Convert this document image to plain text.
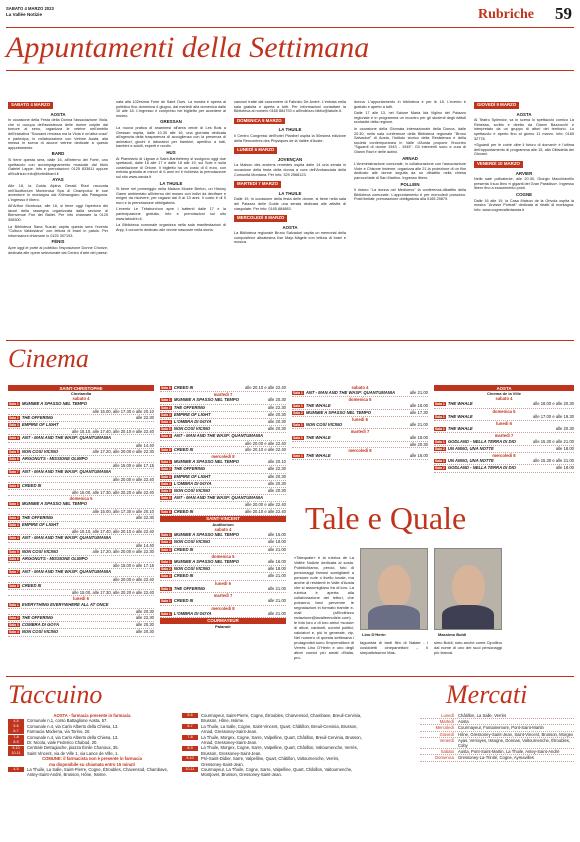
SABATO 4 MARZO 2023
La Vallée Notizie	Rubriche 59
Appuntamenti della Settimana
SABATO 4 MARZO
AOSTA

In occasione della Festa della Donna l'associazione Viola, che si occupa dell'assistenza delle donne colpite dal tumore al seno, organizza le vetrine nell'ambito dell'iniziativa "Scusami rimossa ma la Viola è un'altra cosa" e partecipa, in collaborazione con Vetrine Aosta, alla messa in scena di alcune vetrine dedicate a questo appuntamento.

BARD

Si tiene questa sera, dalle 16, all'interno del Forte, uno spettacolo con accompagnamento musicale dal titolo Gabriel Lappe. Info e prenotazioni: 0125 833811 oppure all'indirizzo info@fortedibard.it

AYAS

Alle 18, la Guida Alpina Gerald Rizzi racconta nell'Auditorium Monterosa Spa di Champoluc le sue avventure in montagna dal Kilimangiaro alla Patagonia. L'ingresso è libero.

All'Arthur Montrosa, alle 16, si tiene oggi l'apertura dei lavori della rassegna organizzata dalla sezione di Bienvenue Fior del Ballet. Per info chiamare la 0125 308300.

La Biblioteca Sana Suzuki ospita questa sera l'evento "Cultura Valdostana" con lettura di brani in patois. Per informazioni chiamare lo 0125 307193.

FÉNIS

Apre oggi le porte al pubblico l'esposizione Donne Chonze, dedicata alle opere selezionate dal Centro d'arte del paese.

nata alla 102esima Foire de Saint Ours. La mostra è aperta al pubblico fino domenica 4 giugno, dal martedì alla domenica dalle 10 alle 18. L'ingresso è compreso nel biglietto per accedere al museo.

GRESSAN

La nuova pratica di anamnesi all'area verde di Les Bois a Gressan ospita, dalle 10.30 alle 16, una giornata dedicata all'agenzia della trasparenza di accoglienza con la presenza di animatori, giochi e laboratori per bambini, aperitivo a tutti, bambini e adulti, esperti e nordic.

HUS

Al Planetario di Lignan a Saint-Barthélemy si svolgono oggi due spettacoli, dalle 16 alle 17 e dalle 18 alle 19, sul Sole e sulla costellazione di Orione. Il biglietto ha un costo di 6 euro, con entrata gratuita ai minori di 6 anni ed è richiesta la prenotazione sul sito www.oavda.it

LA THUILE

Si tiene nel pomeriggio nella Maison Musée Berton, un History Game ambientato all'interno del museo con indizi da decifrare e enigmi da risolvere, per ragazzi dai 8 ai 13 anni. Il costo è di 5 euro e la prenotazione obbligatoria.

L'evento Le Tétaburchon apre i battenti dalle 17 e la partecipazione gratuita. Info e prenotazioni sul sito www.latoutrin.it.

La Biblioteca comunale organizza nella sala manifestazioni di Arpy, il concerto dedicato alle donne nascoste nella storia.

canzoni tratte dal canzoniere di Fabrizio De André. L'entrata nella sala gratuita e aperta a tutti. Per informazioni contattare la Biblioteca al numero 0165 884793 o all'indirizzo biblio@latuile.it.

DOMENICA 5 MARZO
LA THUILE

Il Centro Congressi dell'hotel Planibel ospita la 50esima edizione della Rencontres des Physiques de la Vallée d'Aoste.

LUNEDÌ 6 MARZO
JOVENÇAN

La Maison des anciens remèdes ospita dalle 14 una serata in occasione della festa della donna a cura dell'Ambasciata della Comunità Montana. Per info: 329 2568123.

MARTEDÌ 7 MARZO
LA THUILE

Dalle 19, in occasione della festa delle donne, si tiene nella sala del Palazzo delle Guide una serata dedicata alle attività di ciaspolate. Per info: 0165 884883.

MERCOLEDÌ 8 MARZO
AOSTA

La Biblioteca regionale Bruno Salvadori ospita un memorial della compositrice altoatesina Ilse Mayr-Nägele con lettura di brani e musica.

donna. L'appuntamento in biblioteca è per le 18. L'evento è gratuito e aperto a tutti.

Dalle 17 alle 13, nel Salone Maria Ida Viglino del Palazzo regionale è in programma un incontro per gli studenti degli istituti scolastici della regione.

In occasione della Giornata internazionale della Donna, dalle 20.30, nella sala conferenze della Biblioteca regionale "Bruno Salvadori" di Aosta, l'Istituto storico della Resistenza e della società contemporanea in Valle d'Aosta propone l'incontro "Sguardi di donne 1943 - 1945". Gli interventi sono a cura di Gianni Ravi e delle autrici.

ARNAD

L'Amministrazione comunale, in collaborazione con l'associazione Viole e Chisone Insieme, organizza alle 21 la proiezione di un film dedicato alle donne seguita da un dibattito nella chiesa parrocchiale di San Martino. Ingresso libero.

POLLEIN

Il ristoro "La donna nel Medioevo" la conferenza-dibattito della Biblioteca comunale. L'appuntamento è per mercoledì prossimo. Posti limitati; prenotazione obbligatoria alla 0165 25879.

GIOVEDÌ 9 MARZO
AOSTA

Al Teatro Splendor, va in scena lo spettacolo comico La Rimessa, scritto e diretto da Gianni Bazzocchi e interpretato da un gruppo di attori del territorio. Lo spettacolo è aperto fino al giorno 11 marzo. Info: 0165 32778.

«Sguardi per le coinè oltre il futuro di domani» è l'ultima dell'appuntamento di programma alle 15, alla Cittadella dei Giovani.

VENERDÌ 10 MARZO
ARVIER

Nelle sale polivalente, alle 20.30, Giorgio Macchiavello presenta il suo libro «I giganti del Gran Paradiso». Ingresso libero fino a esaurimento posti.

COGNE

Dalle 16 alle 19, la Casa Maison de la Grivola ospita la mostra "Arvisse Portrait" dedicata ai ritratti di montagna. Info: www.cognevalledaosta.it

Cinema
SAINT-CHRISTOPHE
Cinelandia
sabato 4
Sala 1 MUMMIE A SPASSO NEL TEMPO
alle 15.00, alle 17.30 e alle 20.10
Sala 2 THE OFFERING	alle 22.30
Sala 3 EMPIRE OF LIGHT
alle 15.10, alle 17.40, alle 20.10 e alle 22.40
Sala 4 ANT - MAN AND THE WASP: QUANTUMANIA
alle 14.40
Sala 5 NON COSÌ VICINO	alle 17.20, alle 20.00 e alle 22.30
Sala 6 ARGONUTS - MISSIONE OLIMPO
alle 15.00 e alle 17.15
Sala 7 ANT - MAN AND THE WASP: QUANTUMANIA
alle 20.00 e alle 22.40
Sala 8 CREED III
alle 15.00, alle 17.30, alle 20.20 e alle 22.40
domenica 5
Sala 1 MUMMIE A SPASSO NEL TEMPO
alle 15.00, alle 17.30 e alle 20.10
Sala 2 THE OFFERING	alle 22.30
Sala 3 EMPIRE OF LIGHT
alle 15.10, alle 17.40, alle 20.10 e alle 22.40
Sala 4 ANT - MAN AND THE WASP: QUANTUMANIA
alle 14.40
Sala 5 NON COSÌ VICINO	alle 17.20, alle 20.00 e alle 22.30
Sala 6 ARGONUTS - MISSIONE OLIMPO
alle 15.00 e alle 17.15
Sala 7 ANT - MAN AND THE WASP: QUANTUMANIA
alle 20.00 e alle 22.40
Sala 8 CREED III
alle 15.00, alle 17.30, alle 20.20 e alle 22.40
lunedì 6
Sala 1 EVERYTHING EVERYWHERE ALL AT ONCE
alle 20.30
Sala 2 THE OFFERING	alle 22.30
Sala 3 COMBRA DI GOYA	alle 20.30
Sala 4 NON COSÌ VICINO	alle 20.30
Sala 8 CREED III	alle 20.10 e alle 22.40
martedì 7
Sala 1 MUMMIE A SPASSO NEL TEMPO	alle 20.30
Sala 2 THE OFFERING	alle 22.30
Sala 3 EMPIRE OF LIGHT	alle 20.30
Sala 4 L'OMBRA DI GOYA	alle 20.30
Sala 5 NON COSÌ VICINO	alle 20.30
Sala 6 ANT - MAN AND THE WASP: QUANTUMANIA
alle 20.00 e alle 22.40
Sala 8 CREED III	alle 20.10 e alle 22.40
mercoledì 8
Sala 1 MUMMIE A SPASSO NEL TEMPO	alle 20.10
Sala 2 THE OFFERING	alle 22.30
Sala 3 EMPIRE OF LIGHT	alle 20.30
Sala 4 L'OMBRA DI GOYA	alle 20.30
Sala 5 NON COSÌ VICINO	alle 20.30
Sala 6 ANT - MAN AND THE WASP: QUANTUMANIA
alle 20.00 e alle 22.40
Sala 8 CREED III	alle 20.10 e alle 22.40
SAINT-VINCENT
Auditorium
sabato 4
Sala 1 MUMMIE A SPASSO NEL TEMPO	alle 16.00
Sala 2 NON COSÌ VICINO	alle 18.00
Sala 3 CREED III	alle 21.00
domenica 5
Sala 1 MUMMIE A SPASSO NEL TEMPO	alle 16.00
Sala 2 NON COSÌ VICINO	alle 18.00
Sala 3 CREED III	alle 21.00
lunedì 6
Sala 1 THE OFFERING	alle 21.00
martedì 7
Sala 1 CREED III	alle 21.00
mercoledì 8
Sala 1 L'OMBRA DI GOYA	alle 21.00
COURMAYEUR
Palanoir
sabato 4
Sala 1 ANT - MAN AND THE WASP: QUANTUMANIA	alle 21.00
domenica 5
Sala 1 THE WHALE	alle 16.00
Sala 2 MUMMIE A SPASSO NEL TEMPO	alle 17.30
lunedì 6
Sala 1 NON COSÌ VICINO	alle 21.00
martedì 7
Sala 1 THE WHALE	alle 18.00
alle 20.30
mercoledì 8
Sala 1 THE WHALE	alle 16.00
AOSTA
Cinema de la Ville
sabato 4
Sala 1 THE WHALE	alle 18.00 e alle 20.30
domenica 5
Sala 1 THE WHALE	alle 17.00 e alle 19.30
lunedì 6
Sala 1 THE WHALE	alle 20.30
martedì 7
Sala 1 GODLAND - NELLA TERRA DI DIO	alle 15.30 e alle 21.00
Sala 2 UN ANNO, UNA NOTTE	alle 18.00
mercoledì 8
Sala 1 UN ANNO, UNA NOTTE	alle 15.30 e alle 21.00
Sala 2 GODLAND - NELLA TERRA DI DIO	alle 18.00
Tale e Quale
«Talequale» è la rubrica de La Vallée Notizie dedicata ai sosia. Pubblichiamo, perciò, foto di personaggi famosi somiglianti a persone note o livello locale, ma anche di residenti in Valle d'Aosta che si assomigliano fra di loro. La rubrica è aperta alla collaborazione dei lettori, che potranno farci pervenire le segnalazioni in formato tramite e-mail (all'indirizzo redazione@lavalleenotizie.com) le foto loro o di loro amici «sosia» di attori, cantanti, uomini politici, calciatori e, più in generale, vip. Nel numero di questa settimana i protagonisti sono l'imprenditore di Verrès Lino D'Herin e uno degli attori comici più amati d'Italia, pro-
Lino D'Herin	Massimo Boldi
tagonista di tanti film di Natale - i cosiddetti cinepanettoni -, il simpaticissimo Mas-
simo Boldi, noto anche come Cipollino dal nome di uno dei suoi personaggi più famosi.
Taccuino
AOSTA - farmacia presente in farmacia
4-5	Comunale n.1, corso Battaglione Aosta, 57.
5-6	Comunale n.4, via Carlo Alberto della Chiesa, 13.
6-7	Farmacia Moderna, via Torino, 20.
7-8	Comunale n.4, via Carlo Alberto della Chiesa, 13.
8-9	Dr. Nicola, viale Federico Chabod, 20.
9-10	Centrale Detragiache, piazza Émile Chanoux, 35.
10-11	Saint Vincent, via de Ville 1, via Lance de Ville, 1.
COMUNE: il farmacista non è presente in farmacia
ma disponibile su chiamata entro 15 minuti
4-5	La Thuile, La Salle, Saint-Pierre, Cogne, Étroubles, Chavensod, Chambave, Antey-Saint-André, Brusson, Hône, Issime.
5-6	Courmayeur, Saint-Pierre, Cogne, Étroubles, Charvensod, Chambave, Breuil-Cervinia, Brusson, Hône, Issime.
6-7	La Thuile, La Salle, Cogne, Saint-Vincent, Quart, Châtillon, Breuil-Cervinia, Brusson, Arnad, Gressoney-Saint-Jean.
7-8	La Thuile, Morgex, Cogne, Sarre, Valpelline, Quart, Châtillon, Breuil-Cervinia, Brusson, Arnad, Gressoney-Saint-Jean.
8-9	La Thuile, Morgex, Cogne, Sarre, Valpelline, Quart, Châtillon, Valtournenche, Verrès, Brusson, Gressoney-Saint-Jean.
9-10	Pré-Saint-Didier, Sarre, Valpelline, Quart, Châtillon, Valtournenche, Verrès, Gressoney-Saint-Jean.
10-11	Courmayeur, La Thuile, Cogne, Sarre, Valpelline, Quart, Châtillon, Valtournenche, Montjovet, Brusson, Gressoney-Saint-Jean.
Mercati
Lunedì Châtillon, La Salle, Verrès
Martedì Aosta
Mercoledì Courmayeur, Fontainemore, Pont-Saint-Martin
Giovedì Hône, Gressoney-Saint-Jean, Saint-Vincent, Brusson, Morgex
Venerdì Ayas, Verrayes, Issogne, Donnas, Valtournenche, Étroubles, Coby
Sabato Aosta, Pont-Saint-Martin, La Thuile, Antey-Saint-André
Domenica Gressoney-La-Trinité, Cogne, Aymavilles
